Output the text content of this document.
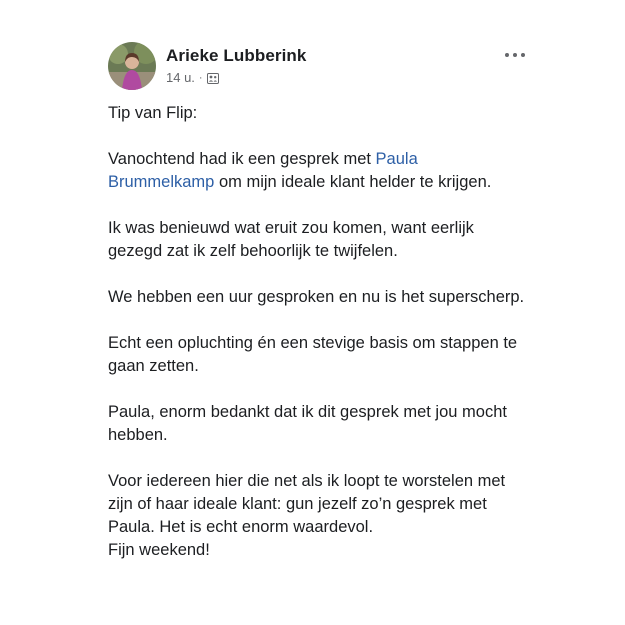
Arieke Lubberink
14 u. ·

Tip van Flip:

Vanochtend had ik een gesprek met Paula Brummelkamp om mijn ideale klant helder te krijgen.

Ik was benieuwd wat eruit zou komen, want eerlijk gezegd zat ik zelf behoorlijk te twijfelen.

We hebben een uur gesproken en nu is het superscherp.

Echt een opluchting én een stevige basis om stappen te gaan zetten.

Paula, enorm bedankt dat ik dit gesprek met jou mocht hebben.

Voor iedereen hier die net als ik loopt te worstelen met zijn of haar ideale klant: gun jezelf zo’n gesprek met Paula. Het is echt enorm waardevol.

Fijn weekend!
